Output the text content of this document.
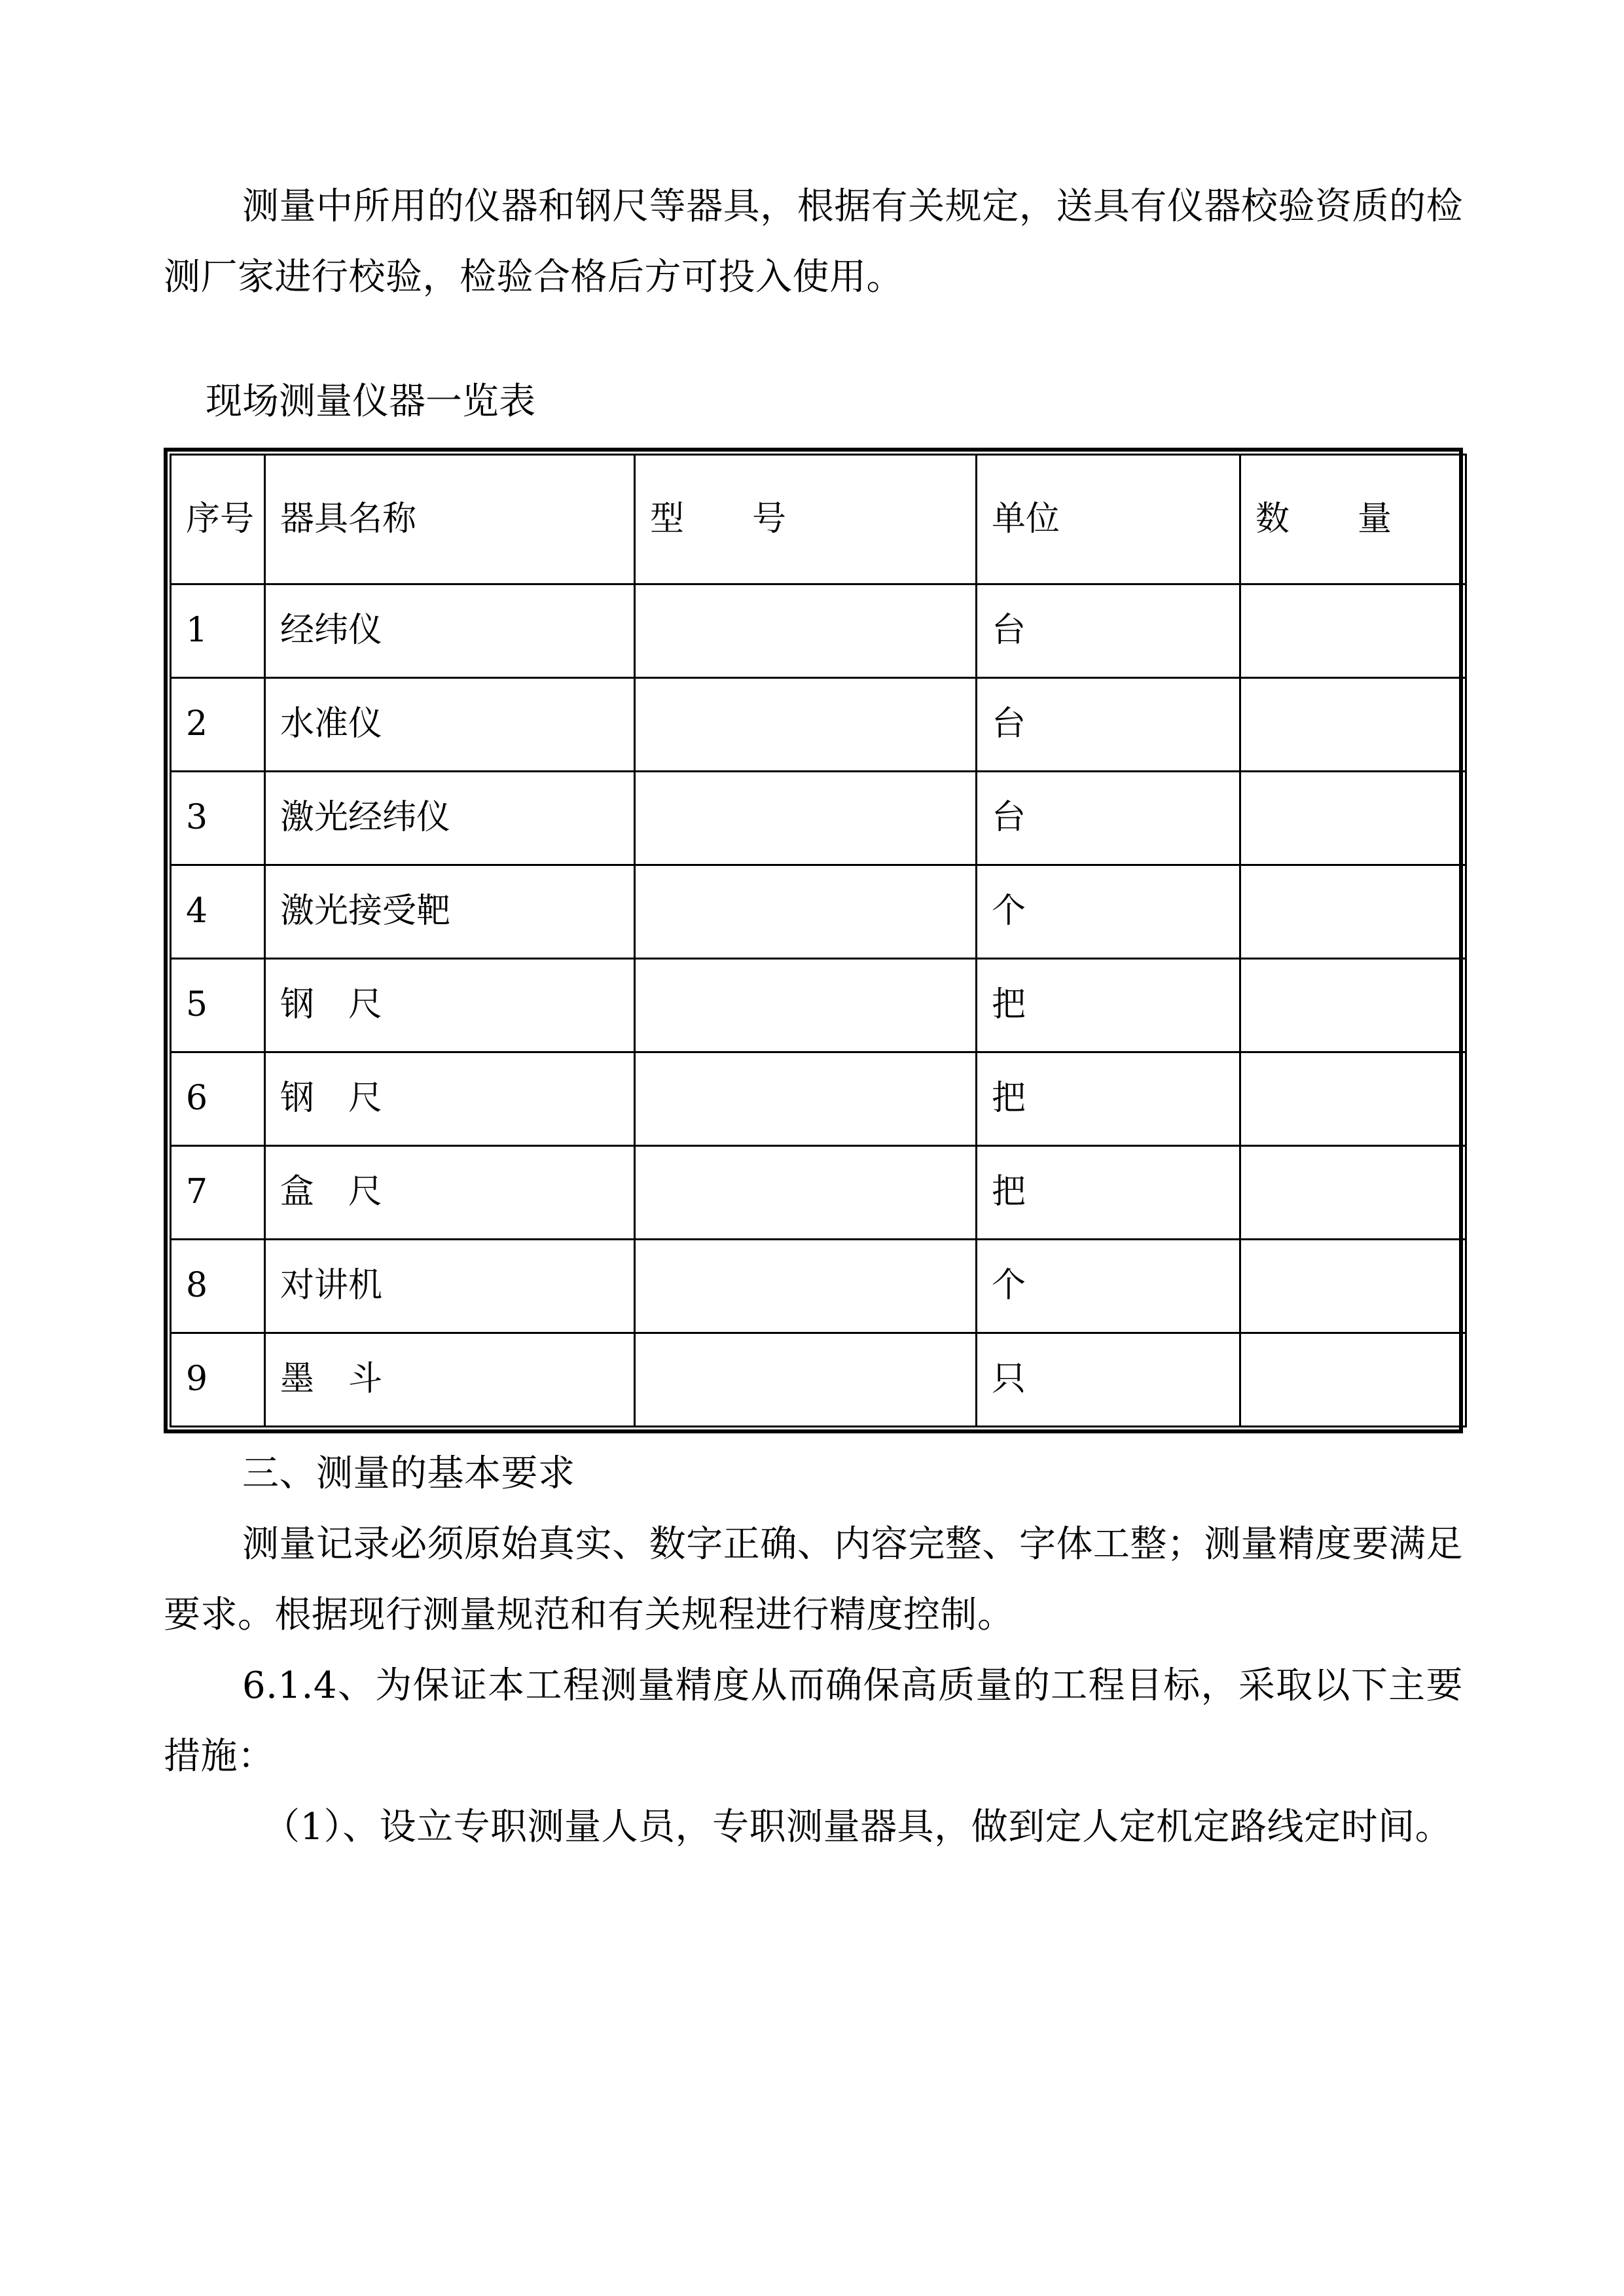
测量中所用的仪器和钢尺等器具，根据有关规定，送具有仪器校验资质的检测厂家进行校验，检验合格后方可投入使用。

现场测量仪器一览表

序号	器具名称	型　　号	单位	数　　量
1	经纬仪		台	
2	水准仪		台	
3	激光经纬仪		台	
4	激光接受靶		个	
5	钢　尺		把	
6	钢　尺		把	
7	盒　尺		把	
8	对讲机		个	
9	墨　斗		只	

三、测量的基本要求

测量记录必须原始真实、数字正确、内容完整、字体工整；测量精度要满足要求。根据现行测量规范和有关规程进行精度控制。

6.1.4、为保证本工程测量精度从而确保高质量的工程目标，采取以下主要措施：

（1）、设立专职测量人员，专职测量器具，做到定人定机定路线定时间。
